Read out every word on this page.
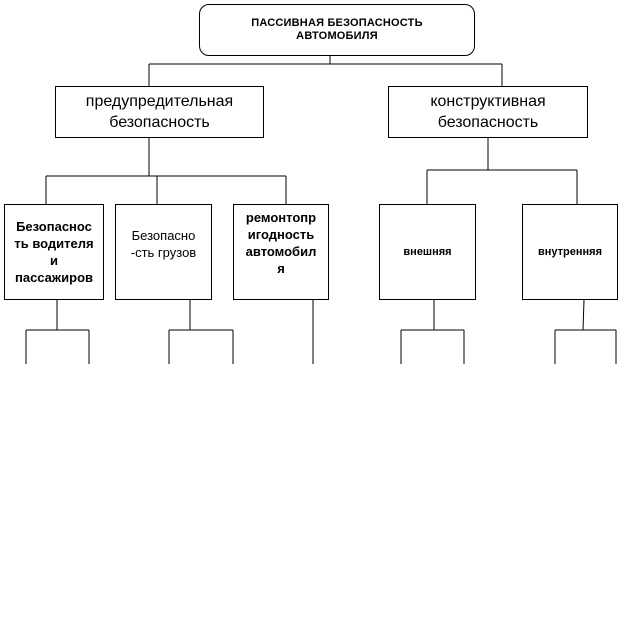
ПАССИВНАЯ БЕЗОПАСНОСТЬ
АВТОМОБИЛЯ
предупредительная
безопасность
конструктивная
безопасность
Безопаснос
ть водителя
и
пассажиров
Безопасно
-сть грузов
ремонтопр
игодность
автомобил
я
внешняя	внутренняя
